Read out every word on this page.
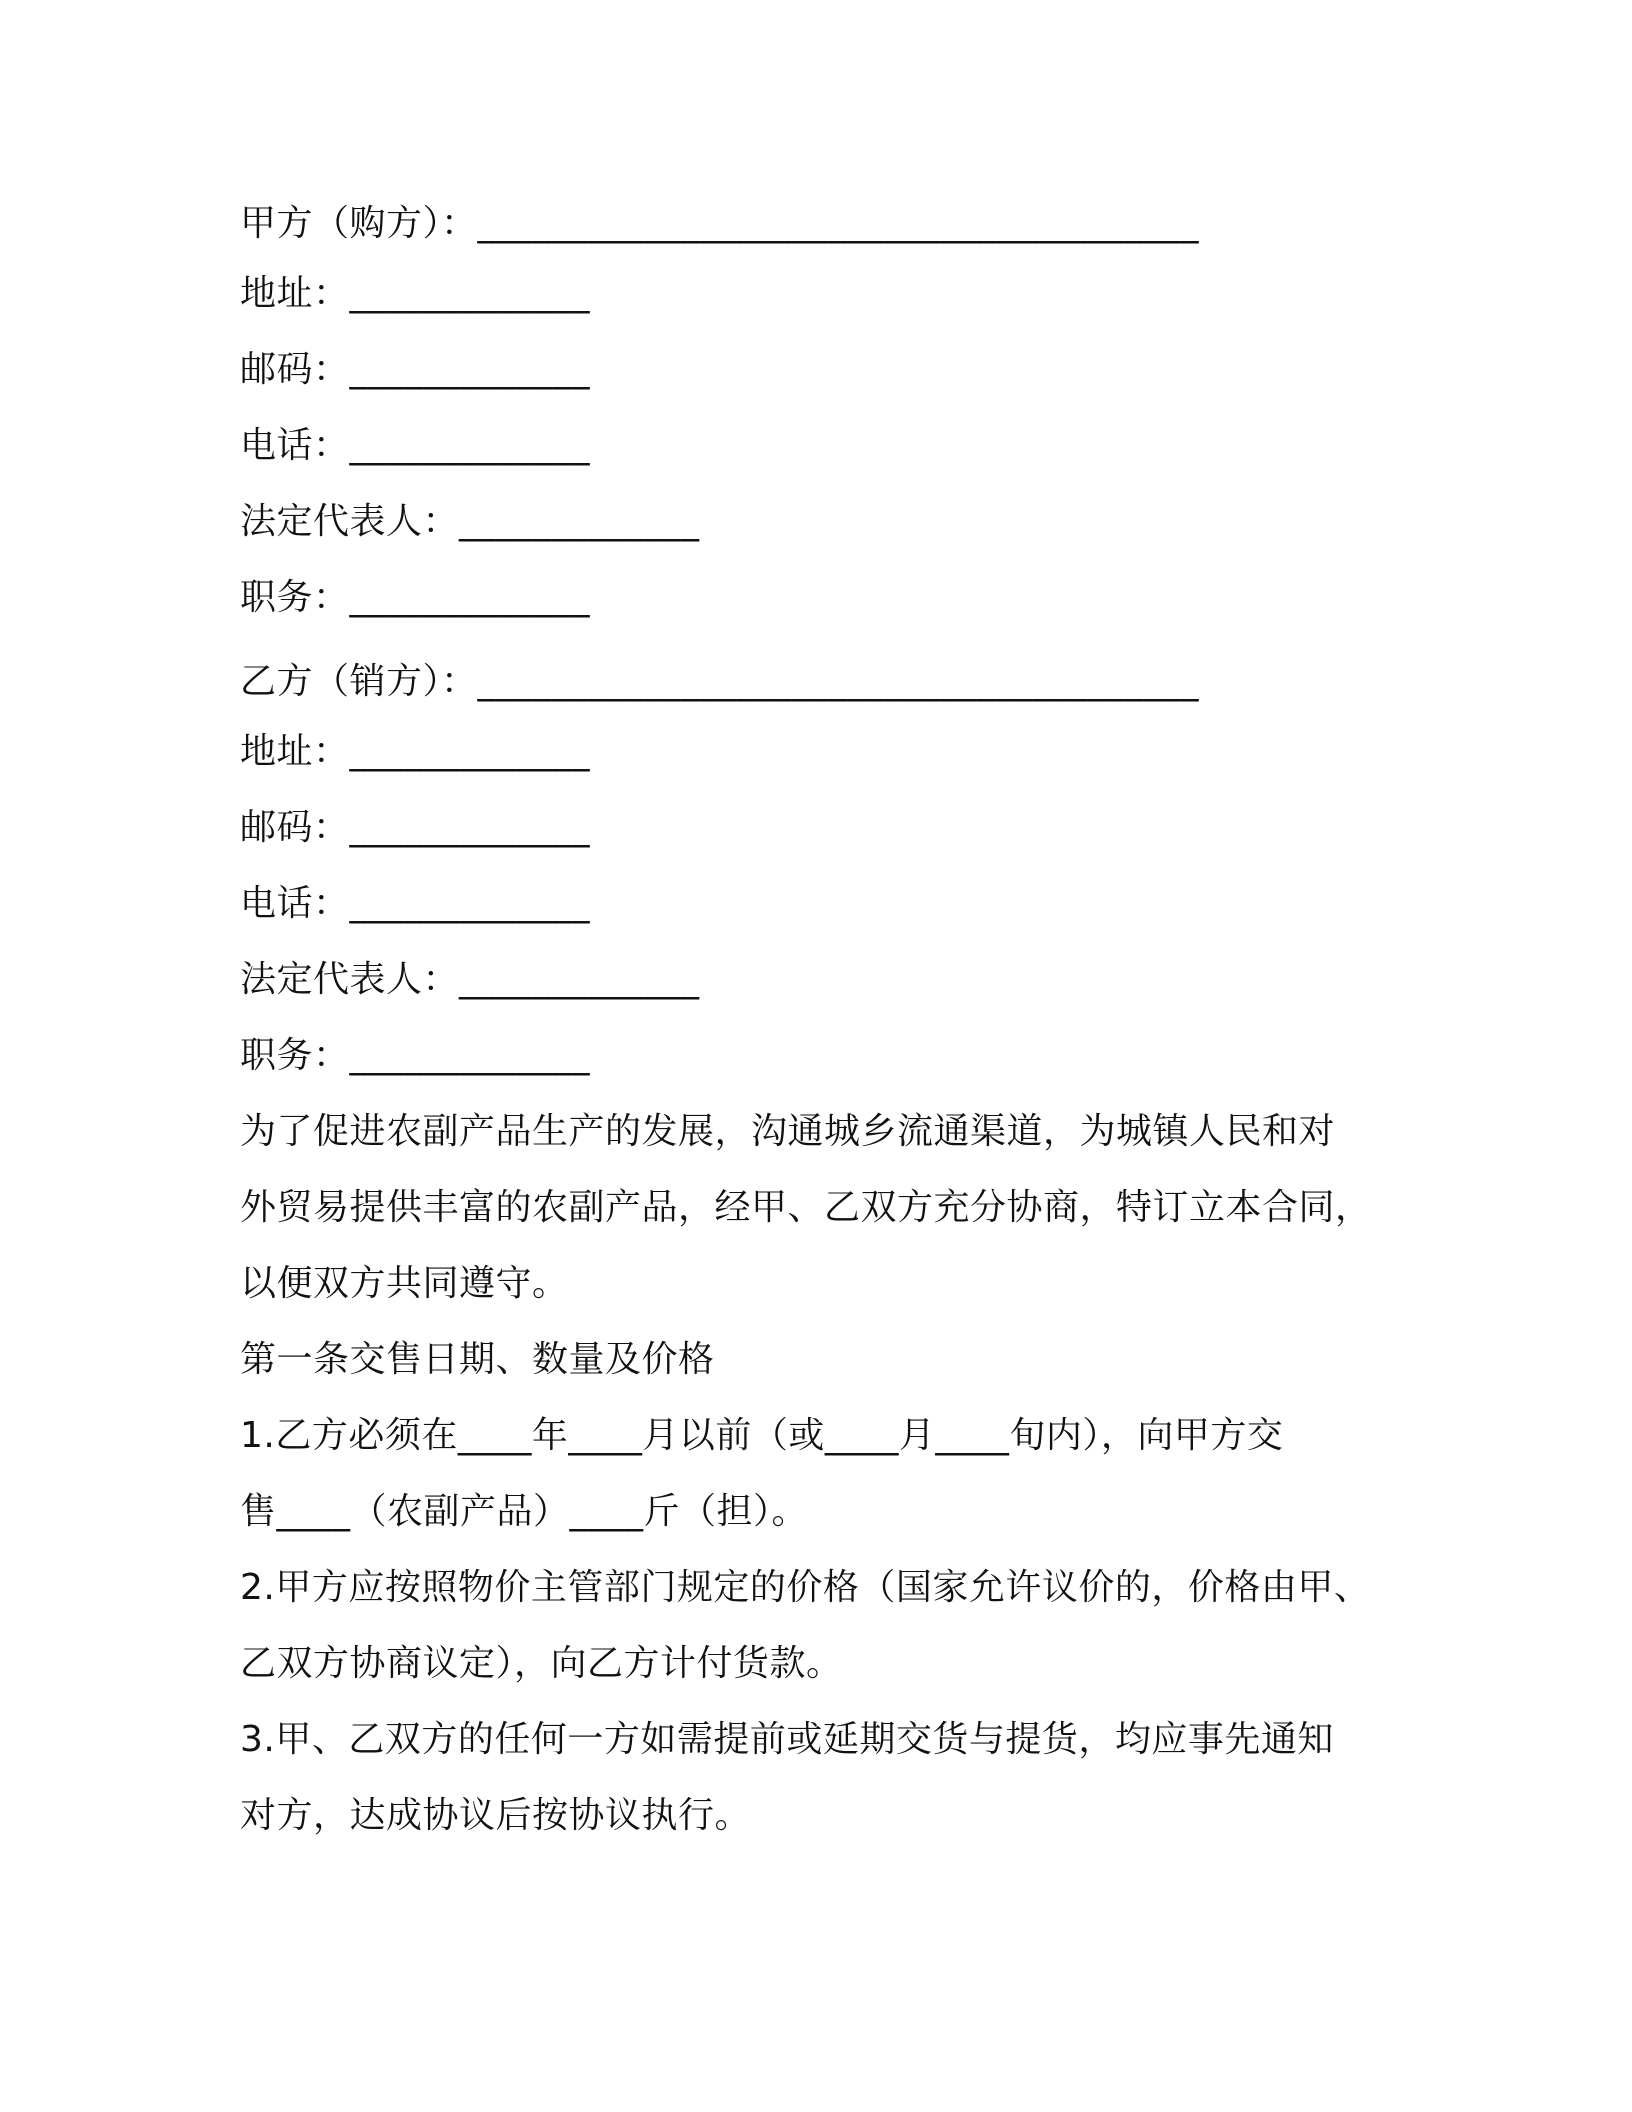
甲方（购方）：_______________________________________
地址：_____________
邮码：_____________
电话：_____________
法定代表人：_____________
职务：_____________
乙方（销方）：_______________________________________
地址：_____________
邮码：_____________
电话：_____________
法定代表人：_____________
职务：_____________
为了促进农副产品生产的发展，沟通城乡流通渠道，为城镇人民和对
外贸易提供丰富的农副产品，经甲、乙双方充分协商，特订立本合同，
以便双方共同遵守。
第一条交售日期、数量及价格
1.乙方必须在____年____月以前（或____月____旬内），向甲方交
售____（农副产品）____斤（担）。
2.甲方应按照物价主管部门规定的价格（国家允许议价的，价格由甲、
乙双方协商议定），向乙方计付货款。
3.甲、乙双方的任何一方如需提前或延期交货与提货，均应事先通知
对方，达成协议后按协议执行。
